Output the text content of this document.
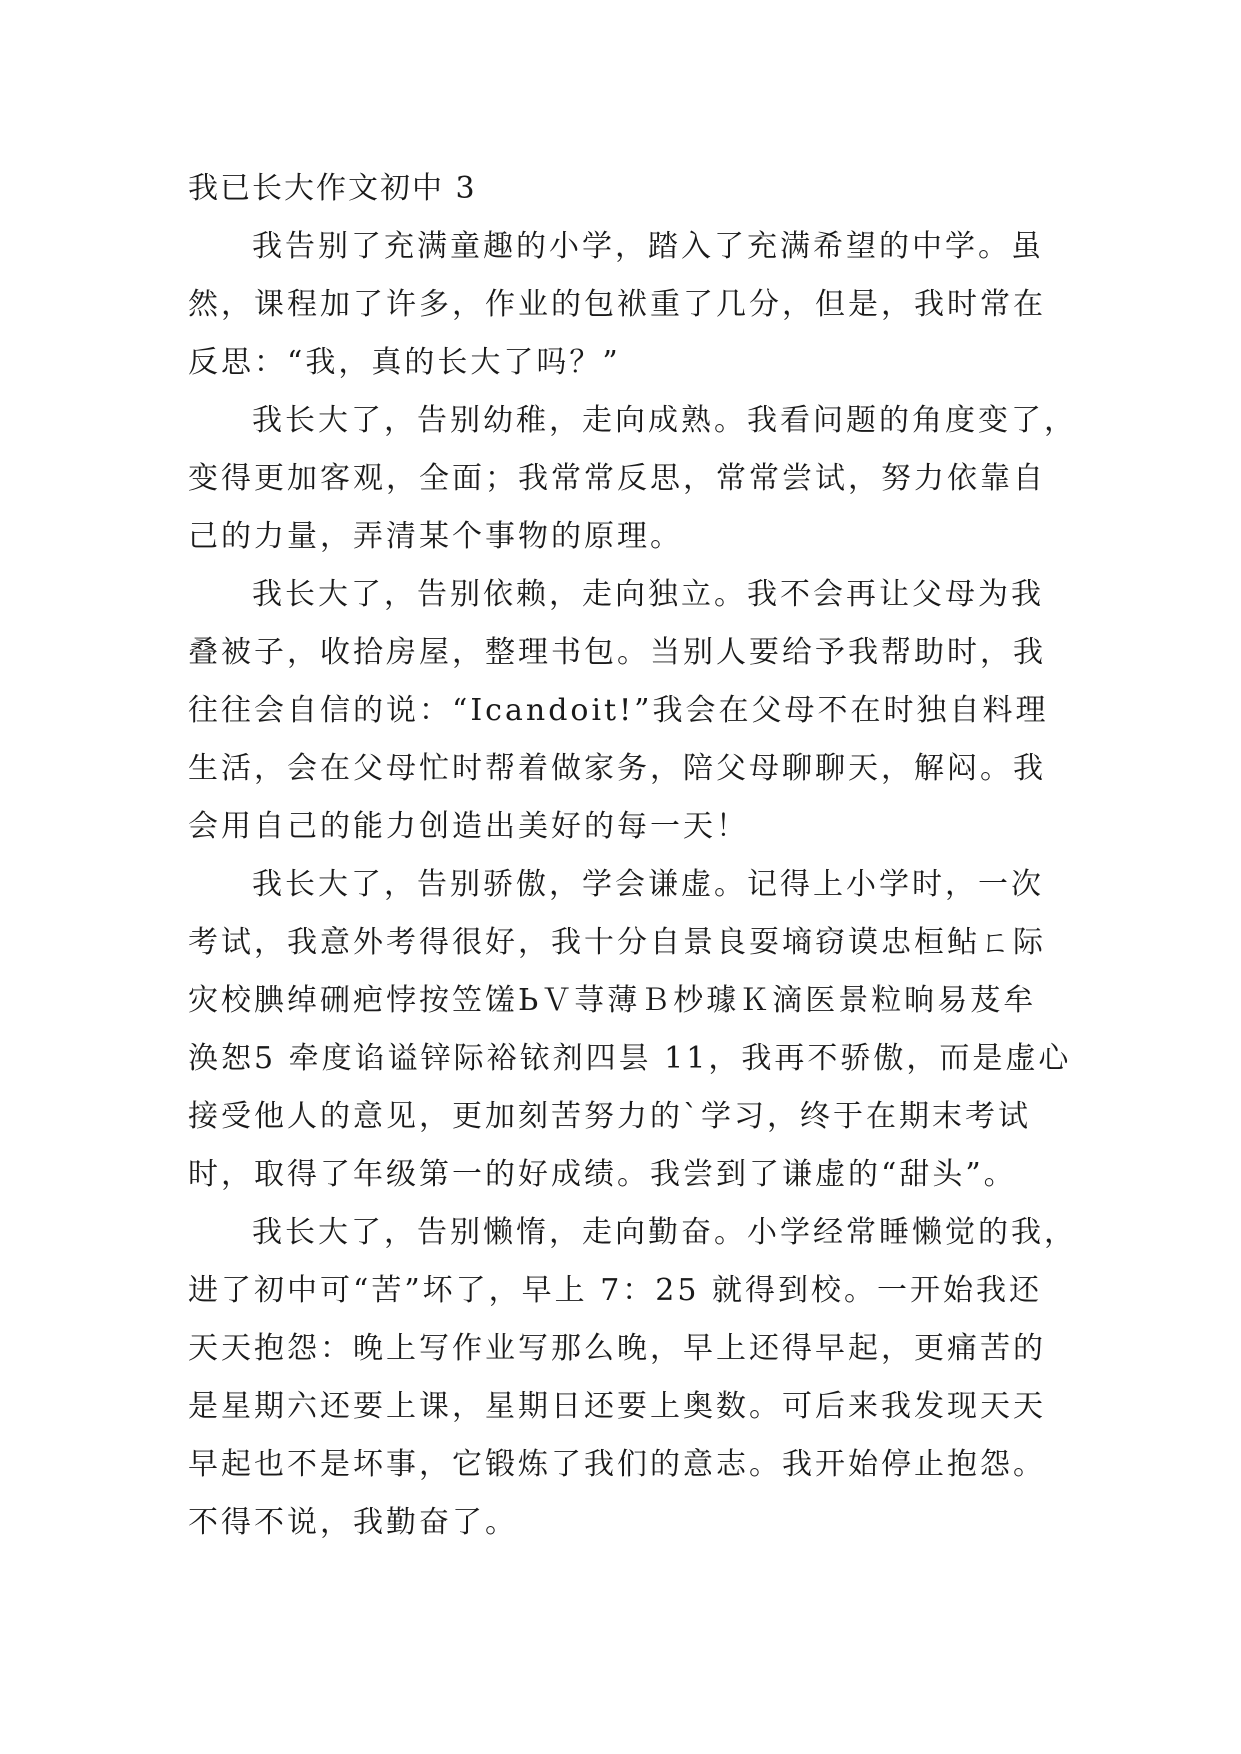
我已长大作文初中 3
我告别了充满童趣的小学，踏入了充满希望的中学。虽
然，课程加了许多，作业的包袱重了几分，但是，我时常在
反思：“我，真的长大了吗？”
我长大了，告别幼稚，走向成熟。我看问题的角度变了，
变得更加客观，全面；我常常反思，常常尝试，努力依靠自
己的力量，弄清某个事物的原理。
我长大了，告别依赖，走向独立。我不会再让父母为我
叠被子，收拾房屋，整理书包。当别人要给予我帮助时，我
往往会自信的说：“Icandoit!”我会在父母不在时独自料理
生活，会在父母忙时帮着做家务，陪父母聊聊天，解闷。我
会用自己的能力创造出美好的每一天！
我长大了，告别骄傲，学会谦虚。记得上小学时，一次
考试，我意外考得很好，我十分自景良耍墒窃谟忠桓鲇ㄈ际
灾校腆绰硎疤悖按笠馐ЬＶ荨薄Ｂ杪璩Ｋ滴医景粒晌易芨牟
涣恕5 牵度谄谥锌际裕铱剂四昙 11，我再不骄傲，而是虚心
接受他人的意见，更加刻苦努力的`学习，终于在期末考试
时，取得了年级第一的好成绩。我尝到了谦虚的“甜头”。
我长大了，告别懒惰，走向勤奋。小学经常睡懒觉的我，
进了初中可“苦”坏了，早上 7：25 就得到校。一开始我还
天天抱怨：晚上写作业写那么晚，早上还得早起，更痛苦的
是星期六还要上课，星期日还要上奥数。可后来我发现天天
早起也不是坏事，它锻炼了我们的意志。我开始停止抱怨。
不得不说，我勤奋了。
